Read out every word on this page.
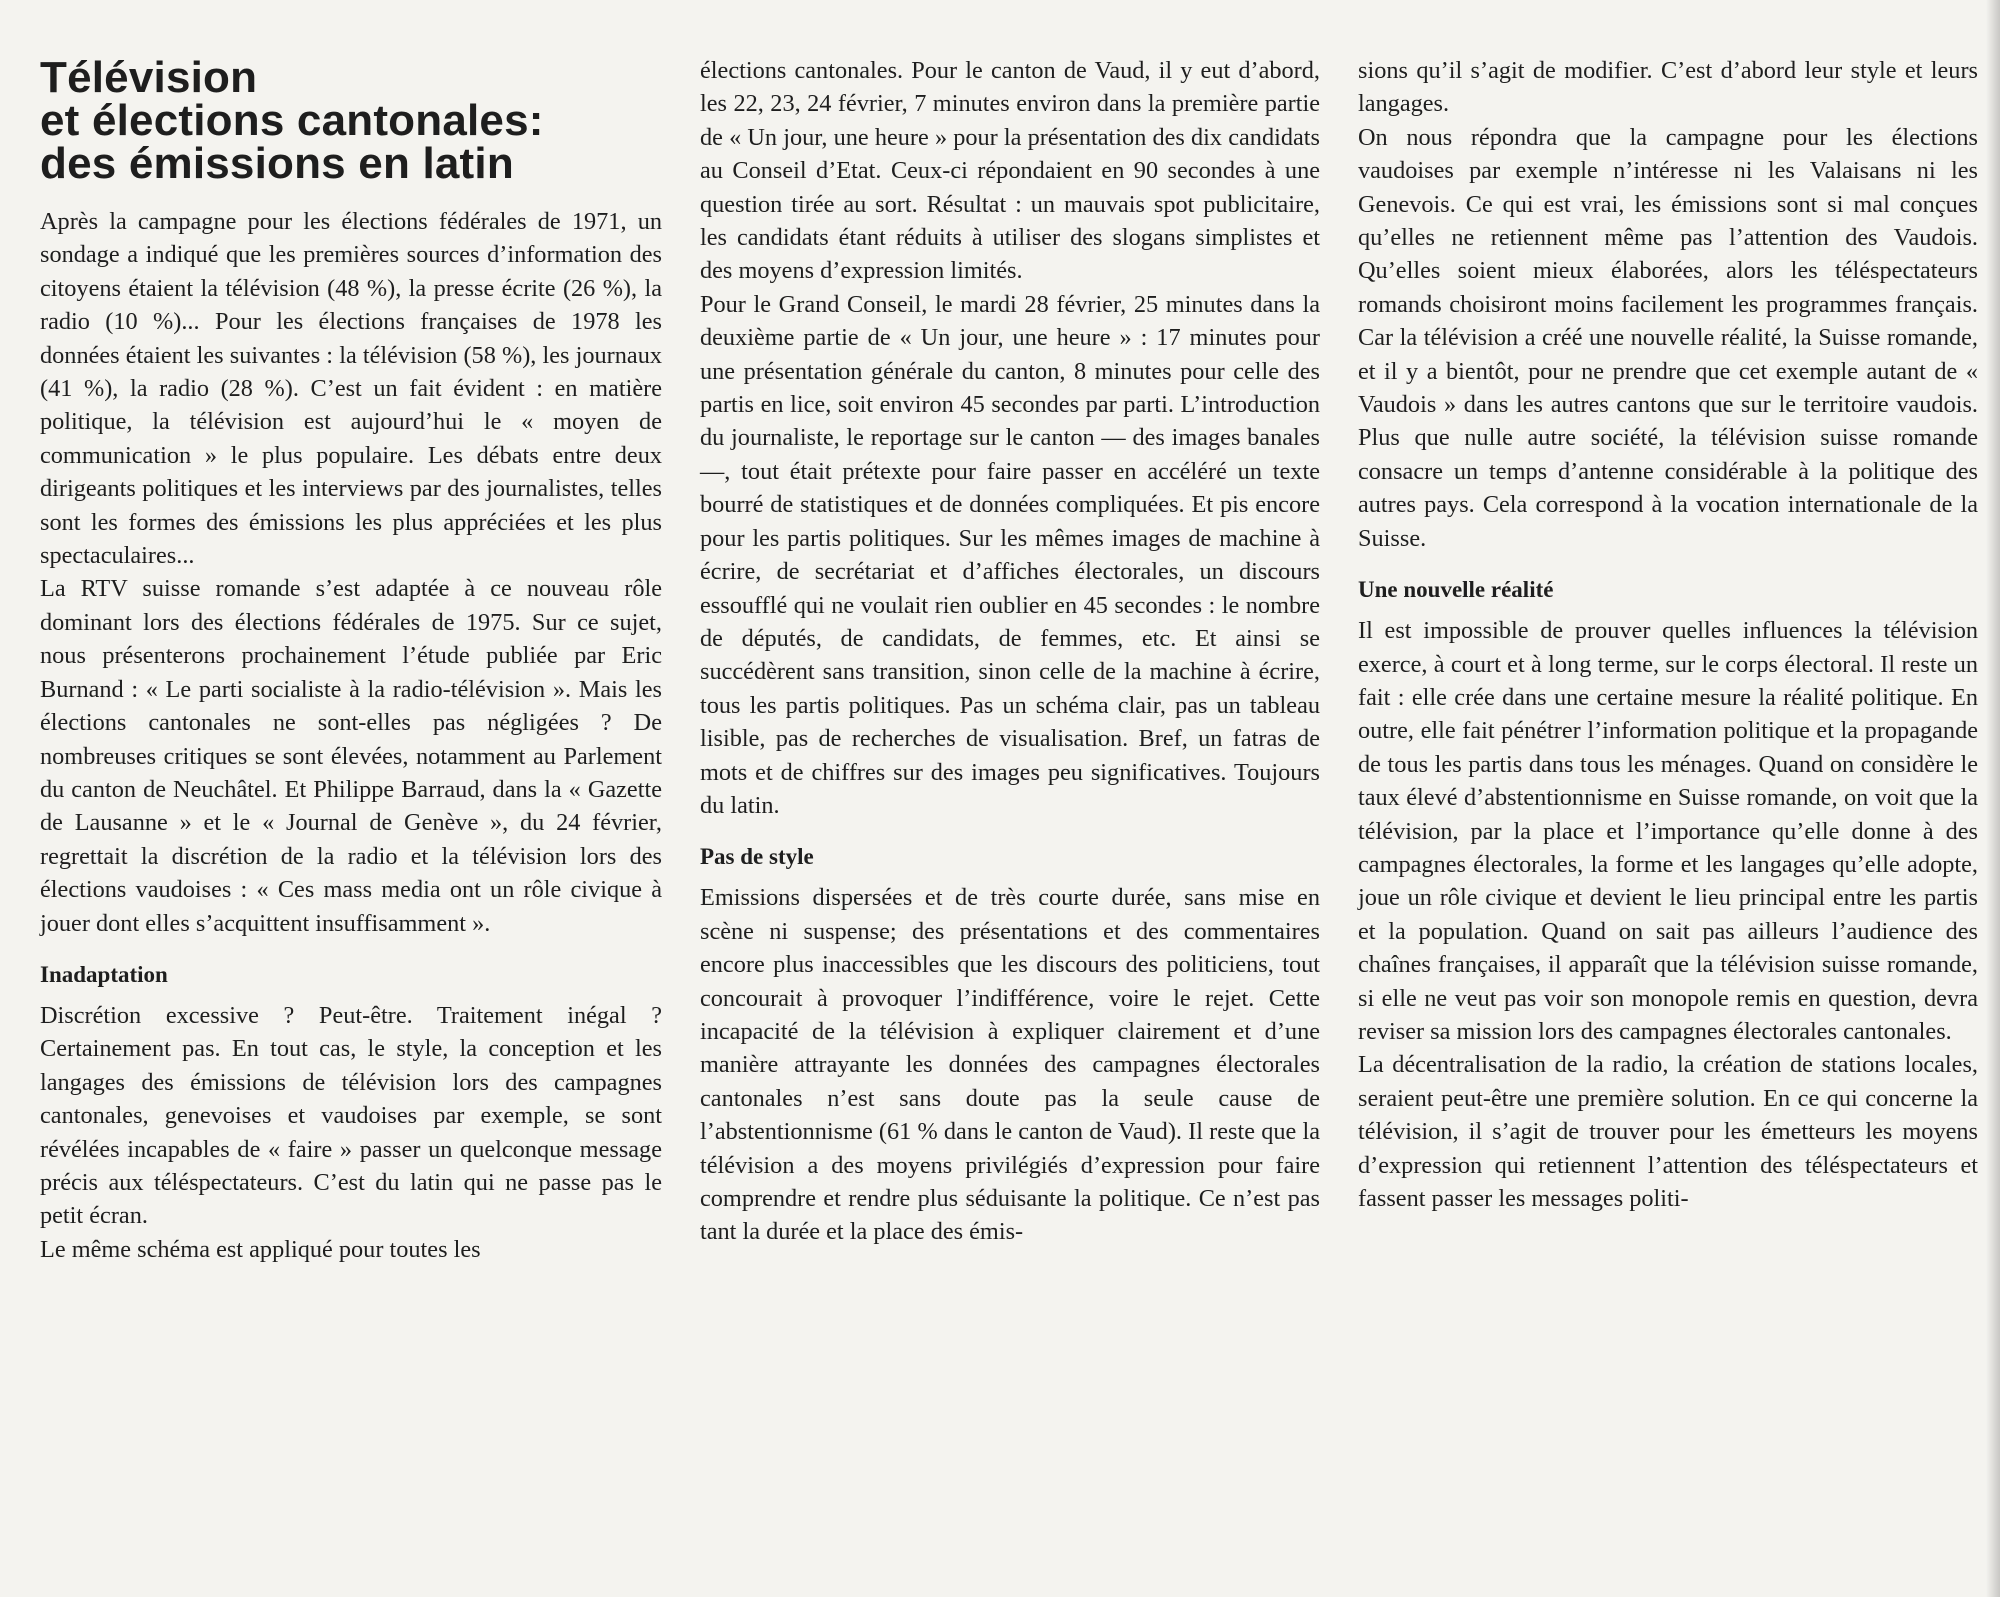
Télévision
et élections cantonales:
des émissions en latin

Après la campagne pour les élections fédérales de 1971, un sondage a indiqué que les premières sources d’information des citoyens étaient la télévision (48 %), la presse écrite (26 %), la radio (10 %)... Pour les élections françaises de 1978 les données étaient les suivantes : la télévision (58 %), les journaux (41 %), la radio (28 %). C’est un fait évident : en matière politique, la télévision est aujourd’hui le « moyen de communication » le plus populaire. Les débats entre deux dirigeants politiques et les interviews par des journalistes, telles sont les formes des émissions les plus appréciées et les plus spectaculaires...

La RTV suisse romande s’est adaptée à ce nouveau rôle dominant lors des élections fédérales de 1975. Sur ce sujet, nous présenterons prochainement l’étude publiée par Eric Burnand : « Le parti socialiste à la radio-télévision ». Mais les élections cantonales ne sont-elles pas négligées ? De nombreuses critiques se sont élevées, notamment au Parlement du canton de Neuchâtel. Et Philippe Barraud, dans la « Gazette de Lausanne » et le « Journal de Genève », du 24 février, regrettait la discrétion de la radio et la télévision lors des élections vaudoises : « Ces mass media ont un rôle civique à jouer dont elles s’acquittent insuffisamment ».

Inadaptation

Discrétion excessive ? Peut-être. Traitement inégal ? Certainement pas. En tout cas, le style, la conception et les langages des émissions de télévision lors des campagnes cantonales, genevoises et vaudoises par exemple, se sont révélées incapables de « faire » passer un quelconque message précis aux téléspectateurs. C’est du latin qui ne passe pas le petit écran.

Le même schéma est appliqué pour toutes les

élections cantonales. Pour le canton de Vaud, il y eut d’abord, les 22, 23, 24 février, 7 minutes environ dans la première partie de « Un jour, une heure » pour la présentation des dix candidats au Conseil d’Etat. Ceux-ci répondaient en 90 secondes à une question tirée au sort. Résultat : un mauvais spot publicitaire, les candidats étant réduits à utiliser des slogans simplistes et des moyens d’expression limités.

Pour le Grand Conseil, le mardi 28 février, 25 minutes dans la deuxième partie de « Un jour, une heure » : 17 minutes pour une présentation générale du canton, 8 minutes pour celle des partis en lice, soit environ 45 secondes par parti. L’introduction du journaliste, le reportage sur le canton — des images banales —, tout était prétexte pour faire passer en accéléré un texte bourré de statistiques et de données compliquées. Et pis encore pour les partis politiques. Sur les mêmes images de machine à écrire, de secrétariat et d’affiches électorales, un discours essoufflé qui ne voulait rien oublier en 45 secondes : le nombre de députés, de candidats, de femmes, etc. Et ainsi se succédèrent sans transition, sinon celle de la machine à écrire, tous les partis politiques. Pas un schéma clair, pas un tableau lisible, pas de recherches de visualisation. Bref, un fatras de mots et de chiffres sur des images peu significatives. Toujours du latin.

Pas de style

Emissions dispersées et de très courte durée, sans mise en scène ni suspense; des présentations et des commentaires encore plus inaccessibles que les discours des politiciens, tout concourait à provoquer l’indifférence, voire le rejet. Cette incapacité de la télévision à expliquer clairement et d’une manière attrayante les données des campagnes électorales cantonales n’est sans doute pas la seule cause de l’abstentionnisme (61 % dans le canton de Vaud). Il reste que la télévision a des moyens privilégiés d’expression pour faire comprendre et rendre plus séduisante la politique. Ce n’est pas tant la durée et la place des émis-

sions qu’il s’agit de modifier. C’est d’abord leur style et leurs langages.

On nous répondra que la campagne pour les élections vaudoises par exemple n’intéresse ni les Valaisans ni les Genevois. Ce qui est vrai, les émissions sont si mal conçues qu’elles ne retiennent même pas l’attention des Vaudois. Qu’elles soient mieux élaborées, alors les téléspectateurs romands choisiront moins facilement les programmes français. Car la télévision a créé une nouvelle réalité, la Suisse romande, et il y a bientôt, pour ne prendre que cet exemple autant de « Vaudois » dans les autres cantons que sur le territoire vaudois. Plus que nulle autre société, la télévision suisse romande consacre un temps d’antenne considérable à la politique des autres pays. Cela correspond à la vocation internationale de la Suisse.

Une nouvelle réalité

Il est impossible de prouver quelles influences la télévision exerce, à court et à long terme, sur le corps électoral. Il reste un fait : elle crée dans une certaine mesure la réalité politique. En outre, elle fait pénétrer l’information politique et la propagande de tous les partis dans tous les ménages. Quand on considère le taux élevé d’abstentionnisme en Suisse romande, on voit que la télévision, par la place et l’importance qu’elle donne à des campagnes électorales, la forme et les langages qu’elle adopte, joue un rôle civique et devient le lieu principal entre les partis et la population. Quand on sait pas ailleurs l’audience des chaînes françaises, il apparaît que la télévision suisse romande, si elle ne veut pas voir son monopole remis en question, devra reviser sa mission lors des campagnes électorales cantonales.

La décentralisation de la radio, la création de stations locales, seraient peut-être une première solution. En ce qui concerne la télévision, il s’agit de trouver pour les émetteurs les moyens d’expression qui retiennent l’attention des téléspectateurs et fassent passer les messages politi-
